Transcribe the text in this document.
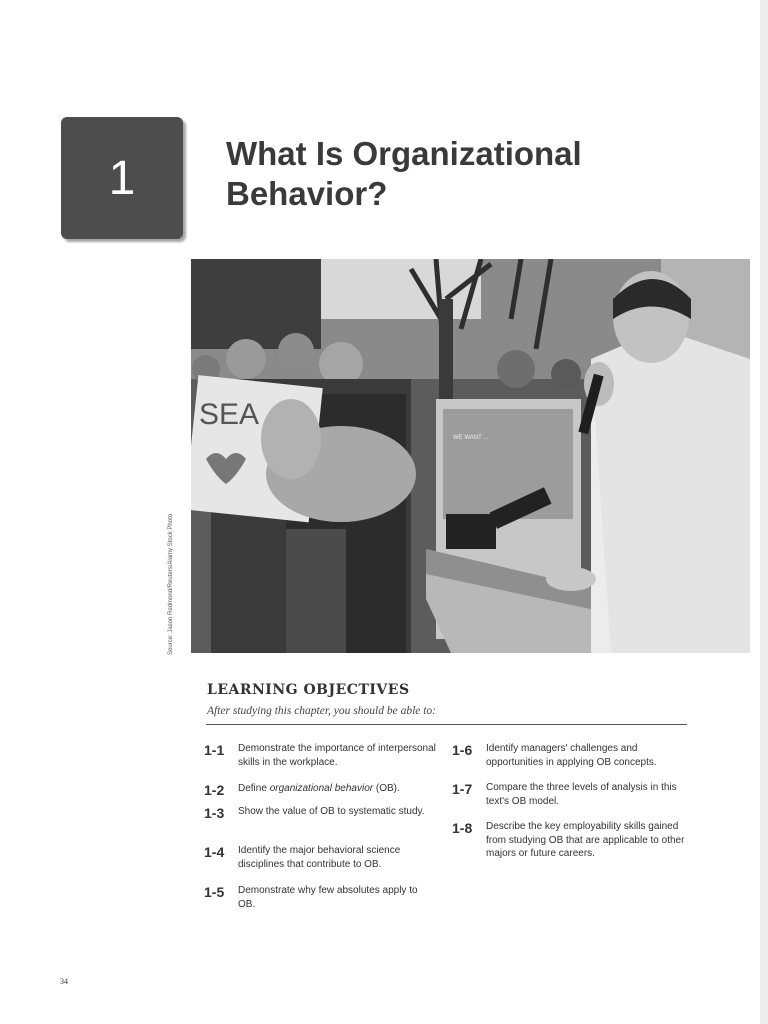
1	What Is Organizational
Behavior?
SEA
WE WANT ...
Source: Jason Redmond/Reuters/Alamy Stock Photo
LEARNING OBJECTIVES
After studying this chapter, you should be able to:
1-1	Demonstrate the importance of interpersonal skills in the workplace.
1-2	Define organizational behavior (OB).
1-3	Show the value of OB to systematic study.
1-4	Identify the major behavioral science disciplines that contribute to OB.
1-5	Demonstrate why few absolutes apply to OB.
1-6	Identify managers' challenges and opportunities in applying OB concepts.
1-7	Compare the three levels of analysis in this text's OB model.
1-8	Describe the key employability skills gained from studying OB that are applicable to other majors or future careers.
34
